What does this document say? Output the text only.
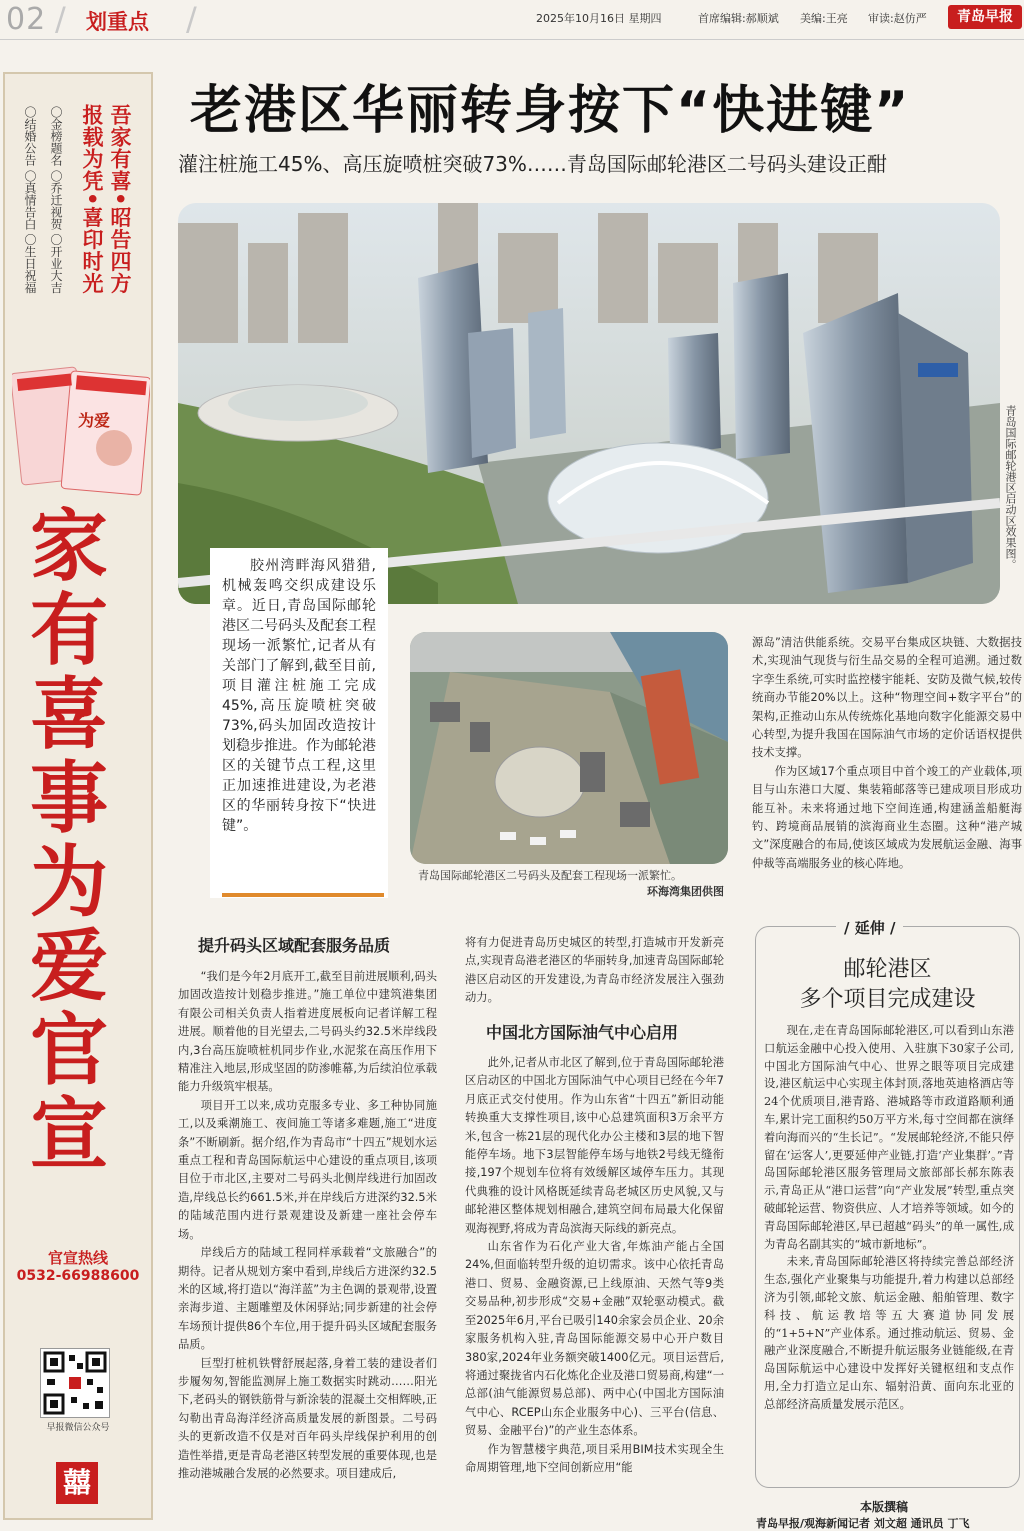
02 / 划重点 /	2025年10月16日 星期四	首席编辑:郝顺斌 美编:王亮 审读:赵仿严	青岛早报
吾家有喜•昭告四方
报载为凭•喜印时光
〇金榜题名 〇乔迁视贺 〇开业大吉
〇结婚公告 〇真情告白 〇生日祝福
为爱
家有喜事 为爱官宣
官宣热线
0532-66988600
早报微信公众号
囍
老港区华丽转身按下“快进键”
灌注桩施工45%、高压旋喷桩突破73%……青岛国际邮轮港区二号码头建设正酣
青岛国际邮轮港区启动区效果图。
胶州湾畔海风猎猎,机械轰鸣交织成建设乐章。近日,青岛国际邮轮港区二号码头及配套工程现场一派繁忙,记者从有关部门了解到,截至目前,项目灌注桩施工完成45%,高压旋喷桩突破73%,码头加固改造按计划稳步推进。作为邮轮港区的关键节点工程,这里正加速推进建设,为老港区的华丽转身按下“快进键”。
青岛国际邮轮港区二号码头及配套工程现场一派繁忙。
环海湾集团供图

源岛”清洁供能系统。交易平台集成区块链、大数据技术,实现油气现货与衍生品交易的全程可追溯。通过数字孪生系统,可实时监控楼宇能耗、安防及微气候,较传统商办节能20%以上。这种“物理空间+数字平台”的架构,正推动山东从传统炼化基地向数字化能源交易中心转型,为提升我国在国际油气市场的定价话语权提供技术支撑。

作为区域17个重点项目中首个竣工的产业载体,项目与山东港口大厦、集装箱邮落等已建成项目形成功能互补。未来将通过地下空间连通,构建涵盖船艇海钓、跨境商品展销的滨海商业生态圈。这种“港产城文”深度融合的布局,使该区域成为发展航运金融、海事仲裁等高端服务业的核心阵地。

提升码头区域配套服务品质

“我们是今年2月底开工,截至目前进展顺利,码头加固改造按计划稳步推进。”施工单位中建筑港集团有限公司相关负责人指着进度展板向记者详解工程进展。顺着他的目光望去,二号码头约32.5米岸线段内,3台高压旋喷桩机同步作业,水泥浆在高压作用下精准注入地层,形成坚固的防渗帷幕,为后续泊位承载能力升级筑牢根基。

项目开工以来,成功克服多专业、多工种协同施工,以及乘潮施工、夜间施工等诸多难题,施工“进度条”不断刷新。据介绍,作为青岛市“十四五”规划水运重点工程和青岛国际航运中心建设的重点项目,该项目位于市北区,主要对二号码头北侧岸线进行加固改造,岸线总长约661.5米,并在岸线后方进深约32.5米的陆域范围内进行景观建设及新建一座社会停车场。

岸线后方的陆域工程同样承载着“文旅融合”的期待。记者从规划方案中看到,岸线后方进深约32.5米的区域,将打造以“海洋蓝”为主色调的景观带,设置亲海步道、主题雕塑及休闲驿站;同步新建的社会停车场预计提供86个车位,用于提升码头区域配套服务品质。

巨型打桩机铁臂舒展起落,身着工装的建设者们步履匆匆,智能监测屏上施工数据实时跳动……阳光下,老码头的钢铁筋骨与新涂装的混凝土交相辉映,正勾勒出青岛海洋经济高质量发展的新图景。二号码头的更新改造不仅是对百年码头岸线保护利用的创造性举措,更是青岛老港区转型发展的重要体现,也是推动港城融合发展的必然要求。项目建成后,

将有力促进青岛历史城区的转型,打造城市开发新亮点,实现青岛港老港区的华丽转身,加速青岛国际邮轮港区启动区的开发建设,为青岛市经济发展注入强劲动力。

中国北方国际油气中心启用

此外,记者从市北区了解到,位于青岛国际邮轮港区启动区的中国北方国际油气中心项目已经在今年7月底正式交付使用。作为山东省“十四五”新旧动能转换重大支撑性项目,该中心总建筑面积3万余平方米,包含一栋21层的现代化办公主楼和3层的地下智能停车场。地下3层智能停车场与地铁2号线无缝衔接,197个规划车位将有效缓解区域停车压力。其现代典雅的设计风格既延续青岛老城区历史风貌,又与邮轮港区整体规划相融合,建筑空间布局最大化保留观海视野,将成为青岛滨海天际线的新亮点。

山东省作为石化产业大省,年炼油产能占全国24%,但面临转型升级的迫切需求。该中心依托青岛港口、贸易、金融资源,已上线原油、天然气等9类交易品种,初步形成“交易+金融”双轮驱动模式。截至2025年6月,平台已吸引140余家会员企业、20余家服务机构入驻,青岛国际能源交易中心开户数目380家,2024年业务额突破1400亿元。项目运营后,将通过聚拢省内石化炼化企业及港口贸易商,构建“一总部(油气能源贸易总部)、两中心(中国北方国际油气中心、RCEP山东企业服务中心)、三平台(信息、贸易、金融平台)”的产业生态体系。

作为智慧楼宇典范,项目采用BIM技术实现全生命周期管理,地下空间创新应用“能

/ 延伸 /
邮轮港区
多个项目完成建设

现在,走在青岛国际邮轮港区,可以看到山东港口航运金融中心投入使用、入驻旗下30家子公司,中国北方国际油气中心、世界之眼等项目完成建设,港区航运中心实现主体封顶,落地英迪格酒店等24个优质项目,港青路、港城路等市政道路顺利通车,累计完工面积约50万平方米,每寸空间都在演绎着向海而兴的“生长记”。“发展邮轮经济,不能只停留在‘运客人’,更要延伸产业链,打造‘产业集群’。”青岛国际邮轮港区服务管理局文旅部部长郝东陈表示,青岛正从“港口运营”向“产业发展”转型,重点突破邮轮运营、物资供应、人才培养等领域。如今的青岛国际邮轮港区,早已超越“码头”的单一属性,成为青岛名副其实的“城市新地标”。

未来,青岛国际邮轮港区将持续完善总部经济生态,强化产业聚集与功能提升,着力构建以总部经济为引领,邮轮文旅、航运金融、船舶管理、数字科技、航运教培等五大赛道协同发展的“1+5+N”产业体系。通过推动航运、贸易、金融产业深度融合,不断提升航运服务业链能级,在青岛国际航运中心建设中发挥好关键枢纽和支点作用,全力打造立足山东、辐射沿黄、面向东北亚的总部经济高质量发展示范区。

本版撰稿
青岛早报/观海新闻记者 刘文超 通讯员 丁飞
